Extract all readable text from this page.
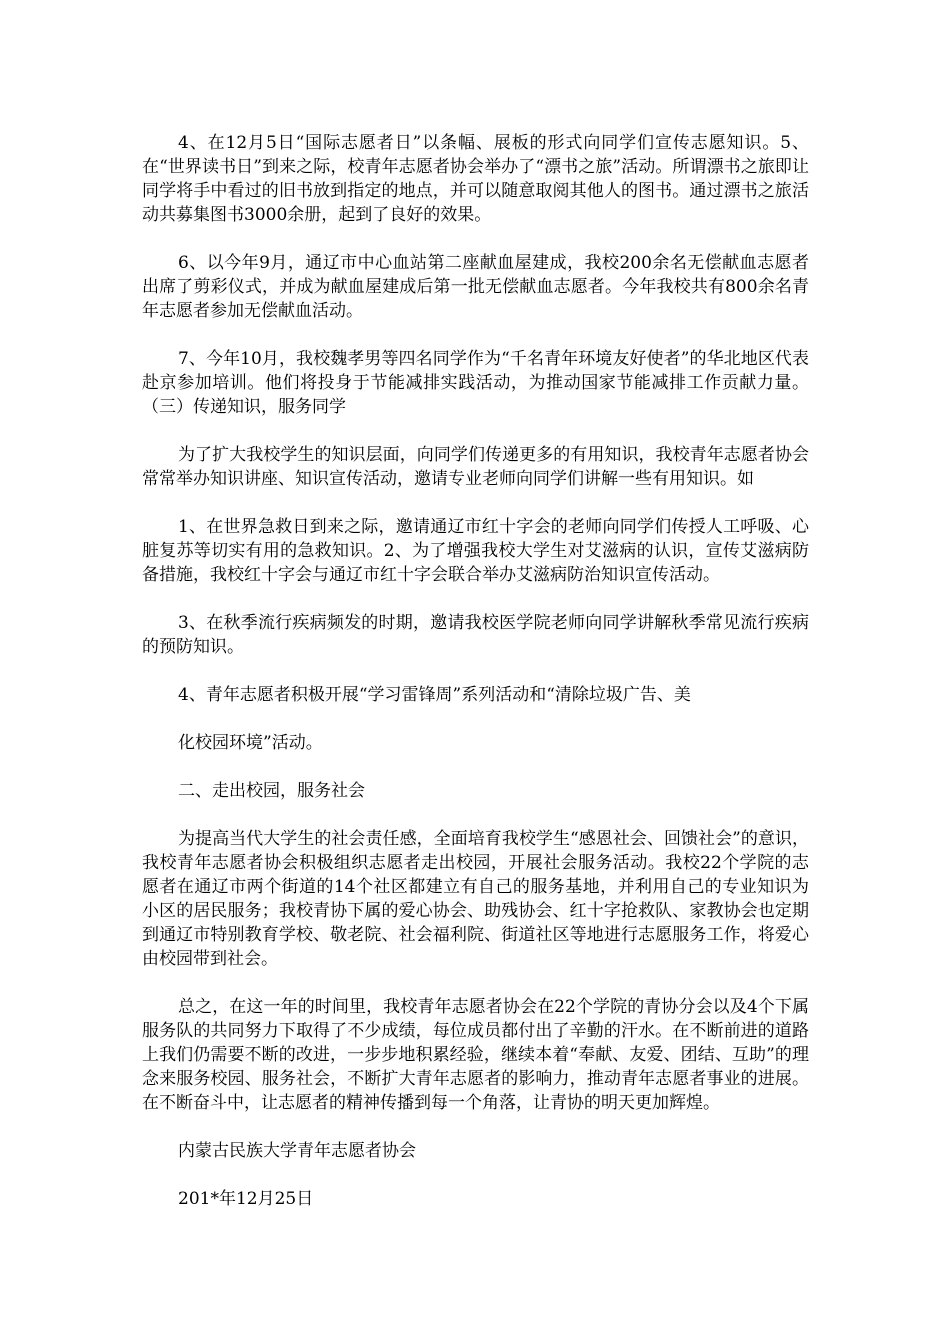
4、在12月5日“国际志愿者日”以条幅、展板的形式向同学们宣传志愿知识。5、在“世界读书日”到来之际，校青年志愿者协会举办了“漂书之旅”活动。所谓漂书之旅即让同学将手中看过的旧书放到指定的地点，并可以随意取阅其他人的图书。通过漂书之旅活动共募集图书3000余册，起到了良好的效果。

6、以今年9月，通辽市中心血站第二座献血屋建成，我校200余名无偿献血志愿者出席了剪彩仪式，并成为献血屋建成后第一批无偿献血志愿者。今年我校共有800余名青年志愿者参加无偿献血活动。

7、今年10月，我校魏孝男等四名同学作为“千名青年环境友好使者”的华北地区代表赴京参加培训。他们将投身于节能减排实践活动，为推动国家节能减排工作贡献力量。（三）传递知识，服务同学

为了扩大我校学生的知识层面，向同学们传递更多的有用知识，我校青年志愿者协会常常举办知识讲座、知识宣传活动，邀请专业老师向同学们讲解一些有用知识。如

1、在世界急救日到来之际，邀请通辽市红十字会的老师向同学们传授人工呼吸、心脏复苏等切实有用的急救知识。2、为了增强我校大学生对艾滋病的认识，宣传艾滋病防备措施，我校红十字会与通辽市红十字会联合举办艾滋病防治知识宣传活动。

3、在秋季流行疾病频发的时期，邀请我校医学院老师向同学讲解秋季常见流行疾病的预防知识。

4、青年志愿者积极开展“学习雷锋周”系列活动和“清除垃圾广告、美

化校园环境”活动。

二、走出校园，服务社会

为提高当代大学生的社会责任感，全面培育我校学生“感恩社会、回馈社会”的意识，我校青年志愿者协会积极组织志愿者走出校园，开展社会服务活动。我校22个学院的志愿者在通辽市两个街道的14个社区都建立有自己的服务基地，并利用自己的专业知识为小区的居民服务；我校青协下属的爱心协会、助残协会、红十字抢救队、家教协会也定期到通辽市特别教育学校、敬老院、社会福利院、街道社区等地进行志愿服务工作，将爱心由校园带到社会。

总之，在这一年的时间里，我校青年志愿者协会在22个学院的青协分会以及4个下属服务队的共同努力下取得了不少成绩，每位成员都付出了辛勤的汗水。在不断前进的道路上我们仍需要不断的改进，一步步地积累经验，继续本着“奉献、友爱、团结、互助”的理念来服务校园、服务社会，不断扩大青年志愿者的影响力，推动青年志愿者事业的进展。在不断奋斗中，让志愿者的精神传播到每一个角落，让青协的明天更加辉煌。

内蒙古民族大学青年志愿者协会

201*年12月25日
